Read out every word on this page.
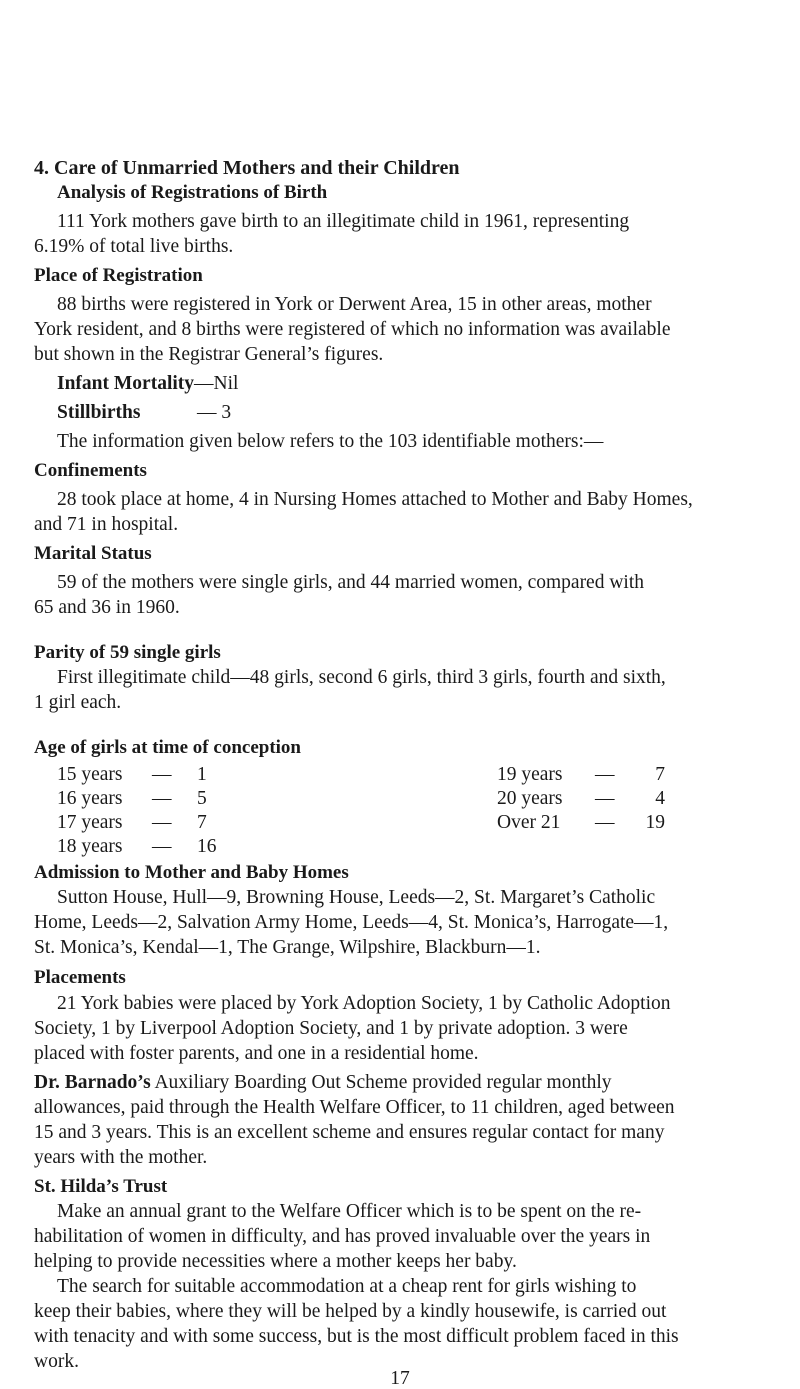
4. Care of Unmarried Mothers and their Children
Analysis of Registrations of Birth
111 York mothers gave birth to an illegitimate child in 1961, representing
6.19% of total live births.
Place of Registration
88 births were registered in York or Derwent Area, 15 in other areas, mother
York resident, and 8 births were registered of which no information was available
but shown in the Registrar General’s figures.
Infant Mortality—Nil
Stillbirths	— 3
The information given below refers to the 103 identifiable mothers:—
Confinements
28 took place at home, 4 in Nursing Homes attached to Mother and Baby Homes,
and 71 in hospital.
Marital Status
59 of the mothers were single girls, and 44 married women, compared with
65 and 36 in 1960.
Parity of 59 single girls
First illegitimate child—48 girls, second 6 girls, third 3 girls, fourth and sixth,
1 girl each.
Age of girls at time of conception
15 years — 1
16 years — 5
17 years — 7
18 years — 16
19 years —	7
20 years —	4
Over 21 —	19
Admission to Mother and Baby Homes
Sutton House, Hull—9, Browning House, Leeds—2, St. Margaret’s Catholic
Home, Leeds—2, Salvation Army Home, Leeds—4, St. Monica’s, Harrogate—1,
St. Monica’s, Kendal—1, The Grange, Wilpshire, Blackburn—1.
Placements
21 York babies were placed by York Adoption Society, 1 by Catholic Adoption
Society, 1 by Liverpool Adoption Society, and 1 by private adoption. 3 were
placed with foster parents, and one in a residential home.
Dr. Barnado’s Auxiliary Boarding Out Scheme provided regular monthly
allowances, paid through the Health Welfare Officer, to 11 children, aged between
15 and 3 years. This is an excellent scheme and ensures regular contact for many
years with the mother.
St. Hilda’s Trust
Make an annual grant to the Welfare Officer which is to be spent on the re-
habilitation of women in difficulty, and has proved invaluable over the years in
helping to provide necessities where a mother keeps her baby.
The search for suitable accommodation at a cheap rent for girls wishing to
keep their babies, where they will be helped by a kindly housewife, is carried out
with tenacity and with some success, but is the most difficult problem faced in this
work.
17
